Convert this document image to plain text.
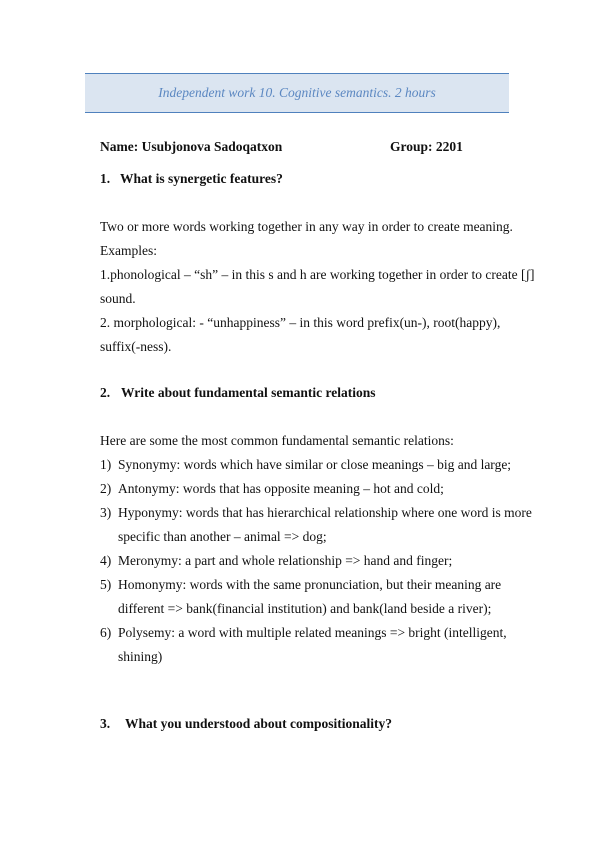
Independent work 10. Cognitive semantics. 2 hours
Name: Usubjonova Sadoqatxon	Group: 2201
1. What is synergetic features?
Two or more words working together in any way in order to create meaning.
Examples:
1.phonological – “sh” – in this s and h are working together in order to create [ʃ]
sound.
2. morphological: - “unhappiness” – in this word prefix(un-), root(happy),
suffix(-ness).
2. Write about fundamental semantic relations
Here are some the most common fundamental semantic relations:
1) Synonymy: words which have similar or close meanings – big and large;
2) Antonymy: words that has opposite meaning – hot and cold;
3) Hyponymy: words that has hierarchical relationship where one word is more
specific than another – animal => dog;
4) Meronymy: a part and whole relationship => hand and finger;
5) Homonymy: words with the same pronunciation, but their meaning are
different => bank(financial institution) and bank(land beside a river);
6) Polysemy: a word with multiple related meanings => bright (intelligent,
shining)
3. What you understood about compositionality?
